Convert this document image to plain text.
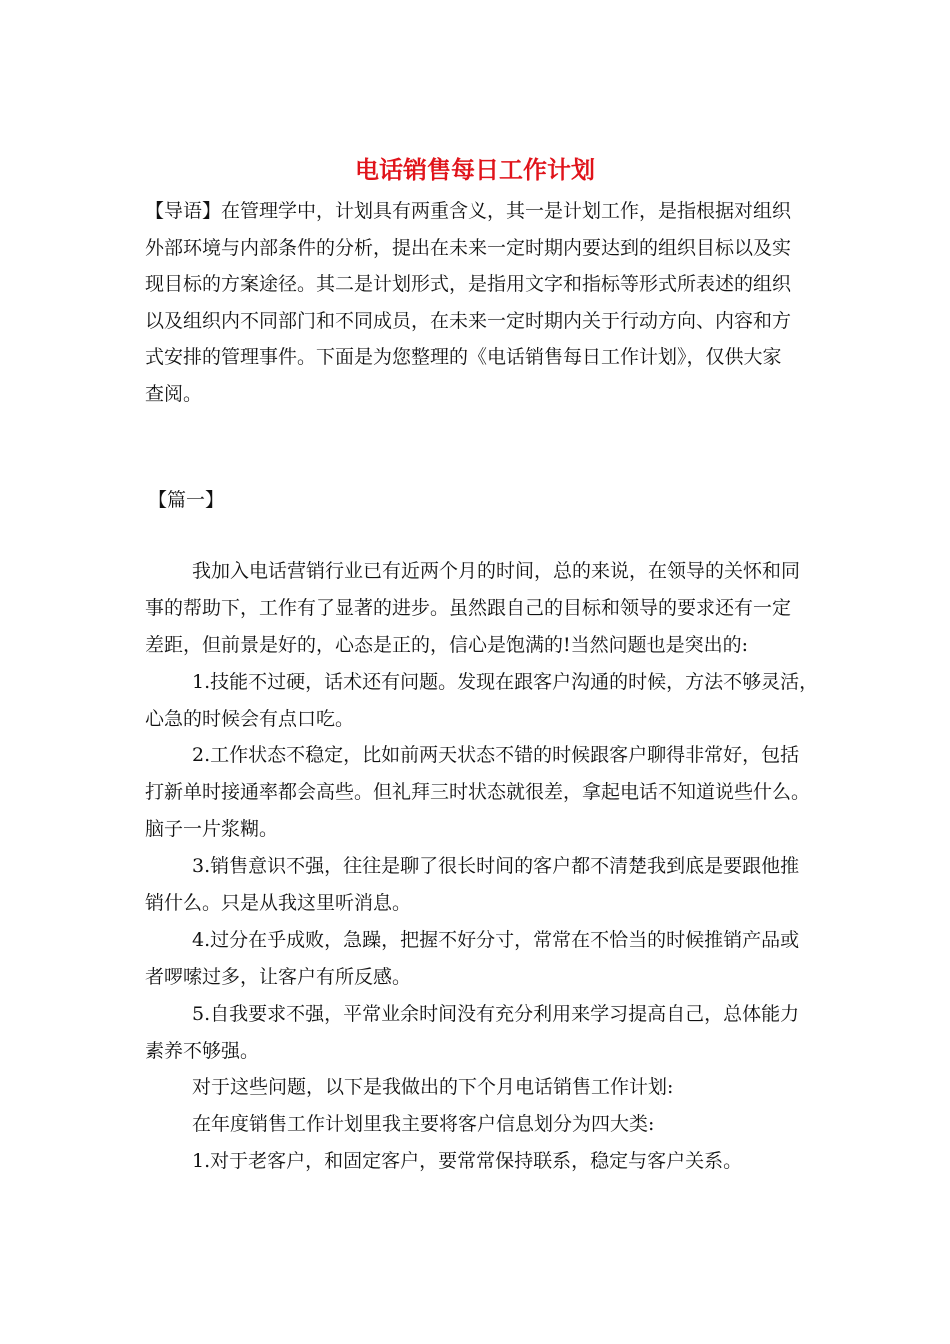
电话销售每日工作计划
【导语】在管理学中，计划具有两重含义，其一是计划工作，是指根据对组织
外部环境与内部条件的分析，提出在未来一定时期内要达到的组织目标以及实
现目标的方案途径。其二是计划形式，是指用文字和指标等形式所表述的组织
以及组织内不同部门和不同成员，在未来一定时期内关于行动方向、内容和方
式安排的管理事件。下面是为您整理的《电话销售每日工作计划》，仅供大家
查阅。
【篇一】
我加入电话营销行业已有近两个月的时间，总的来说，在领导的关怀和同
事的帮助下，工作有了显著的进步。虽然跟自己的目标和领导的要求还有一定
差距，但前景是好的，心态是正的，信心是饱满的!当然问题也是突出的:
1.技能不过硬，话术还有问题。发现在跟客户沟通的时候，方法不够灵活，
心急的时候会有点口吃。
2.工作状态不稳定，比如前两天状态不错的时候跟客户聊得非常好，包括
打新单时接通率都会高些。但礼拜三时状态就很差，拿起电话不知道说些什么。
脑子一片浆糊。
3.销售意识不强，往往是聊了很长时间的客户都不清楚我到底是要跟他推
销什么。只是从我这里听消息。
4.过分在乎成败，急躁，把握不好分寸，常常在不恰当的时候推销产品或
者啰嗦过多，让客户有所反感。
5.自我要求不强，平常业余时间没有充分利用来学习提高自己，总体能力
素养不够强。
对于这些问题，以下是我做出的下个月电话销售工作计划:
在年度销售工作计划里我主要将客户信息划分为四大类:
1.对于老客户，和固定客户，要常常保持联系，稳定与客户关系。
